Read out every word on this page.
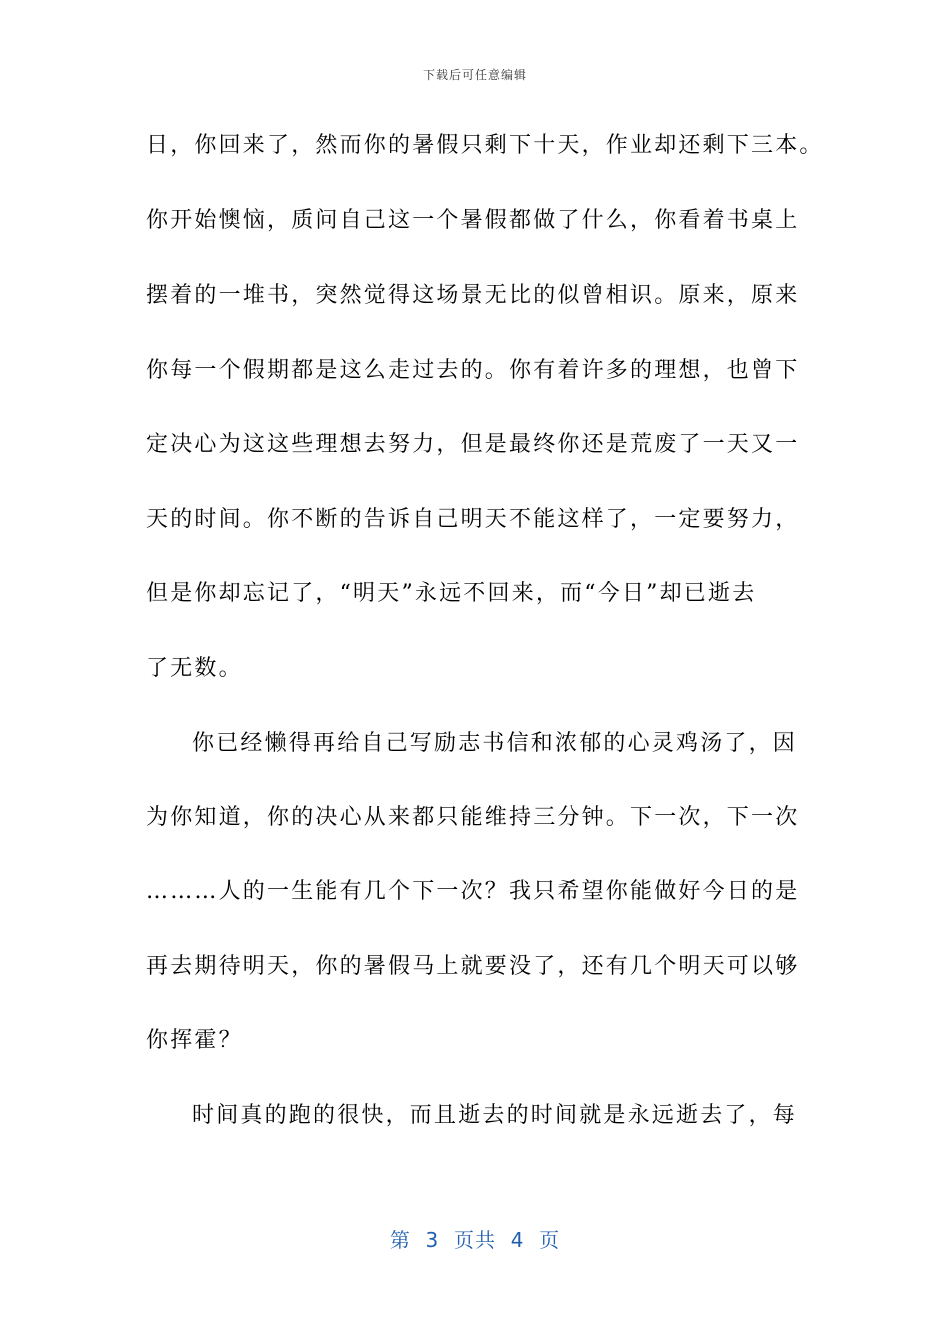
下载后可任意编辑
日，你回来了，然而你的暑假只剩下十天，作业却还剩下三本。
你开始懊恼，质问自己这一个暑假都做了什么，你看着书桌上
摆着的一堆书，突然觉得这场景无比的似曾相识。原来，原来
你每一个假期都是这么走过去的。你有着许多的理想，也曾下
定决心为这这些理想去努力，但是最终你还是荒废了一天又一
天的时间。你不断的告诉自己明天不能这样了，一定要努力，
但是你却忘记了，“明天”永远不回来，而“今日”却已逝去
了无数。
你已经懒得再给自己写励志书信和浓郁的心灵鸡汤了，因
为你知道，你的决心从来都只能维持三分钟。下一次，下一次
………人的一生能有几个下一次？我只希望你能做好今日的是
再去期待明天，你的暑假马上就要没了，还有几个明天可以够
你挥霍？
时间真的跑的很快，而且逝去的时间就是永远逝去了，每
第  3  页共  4  页
